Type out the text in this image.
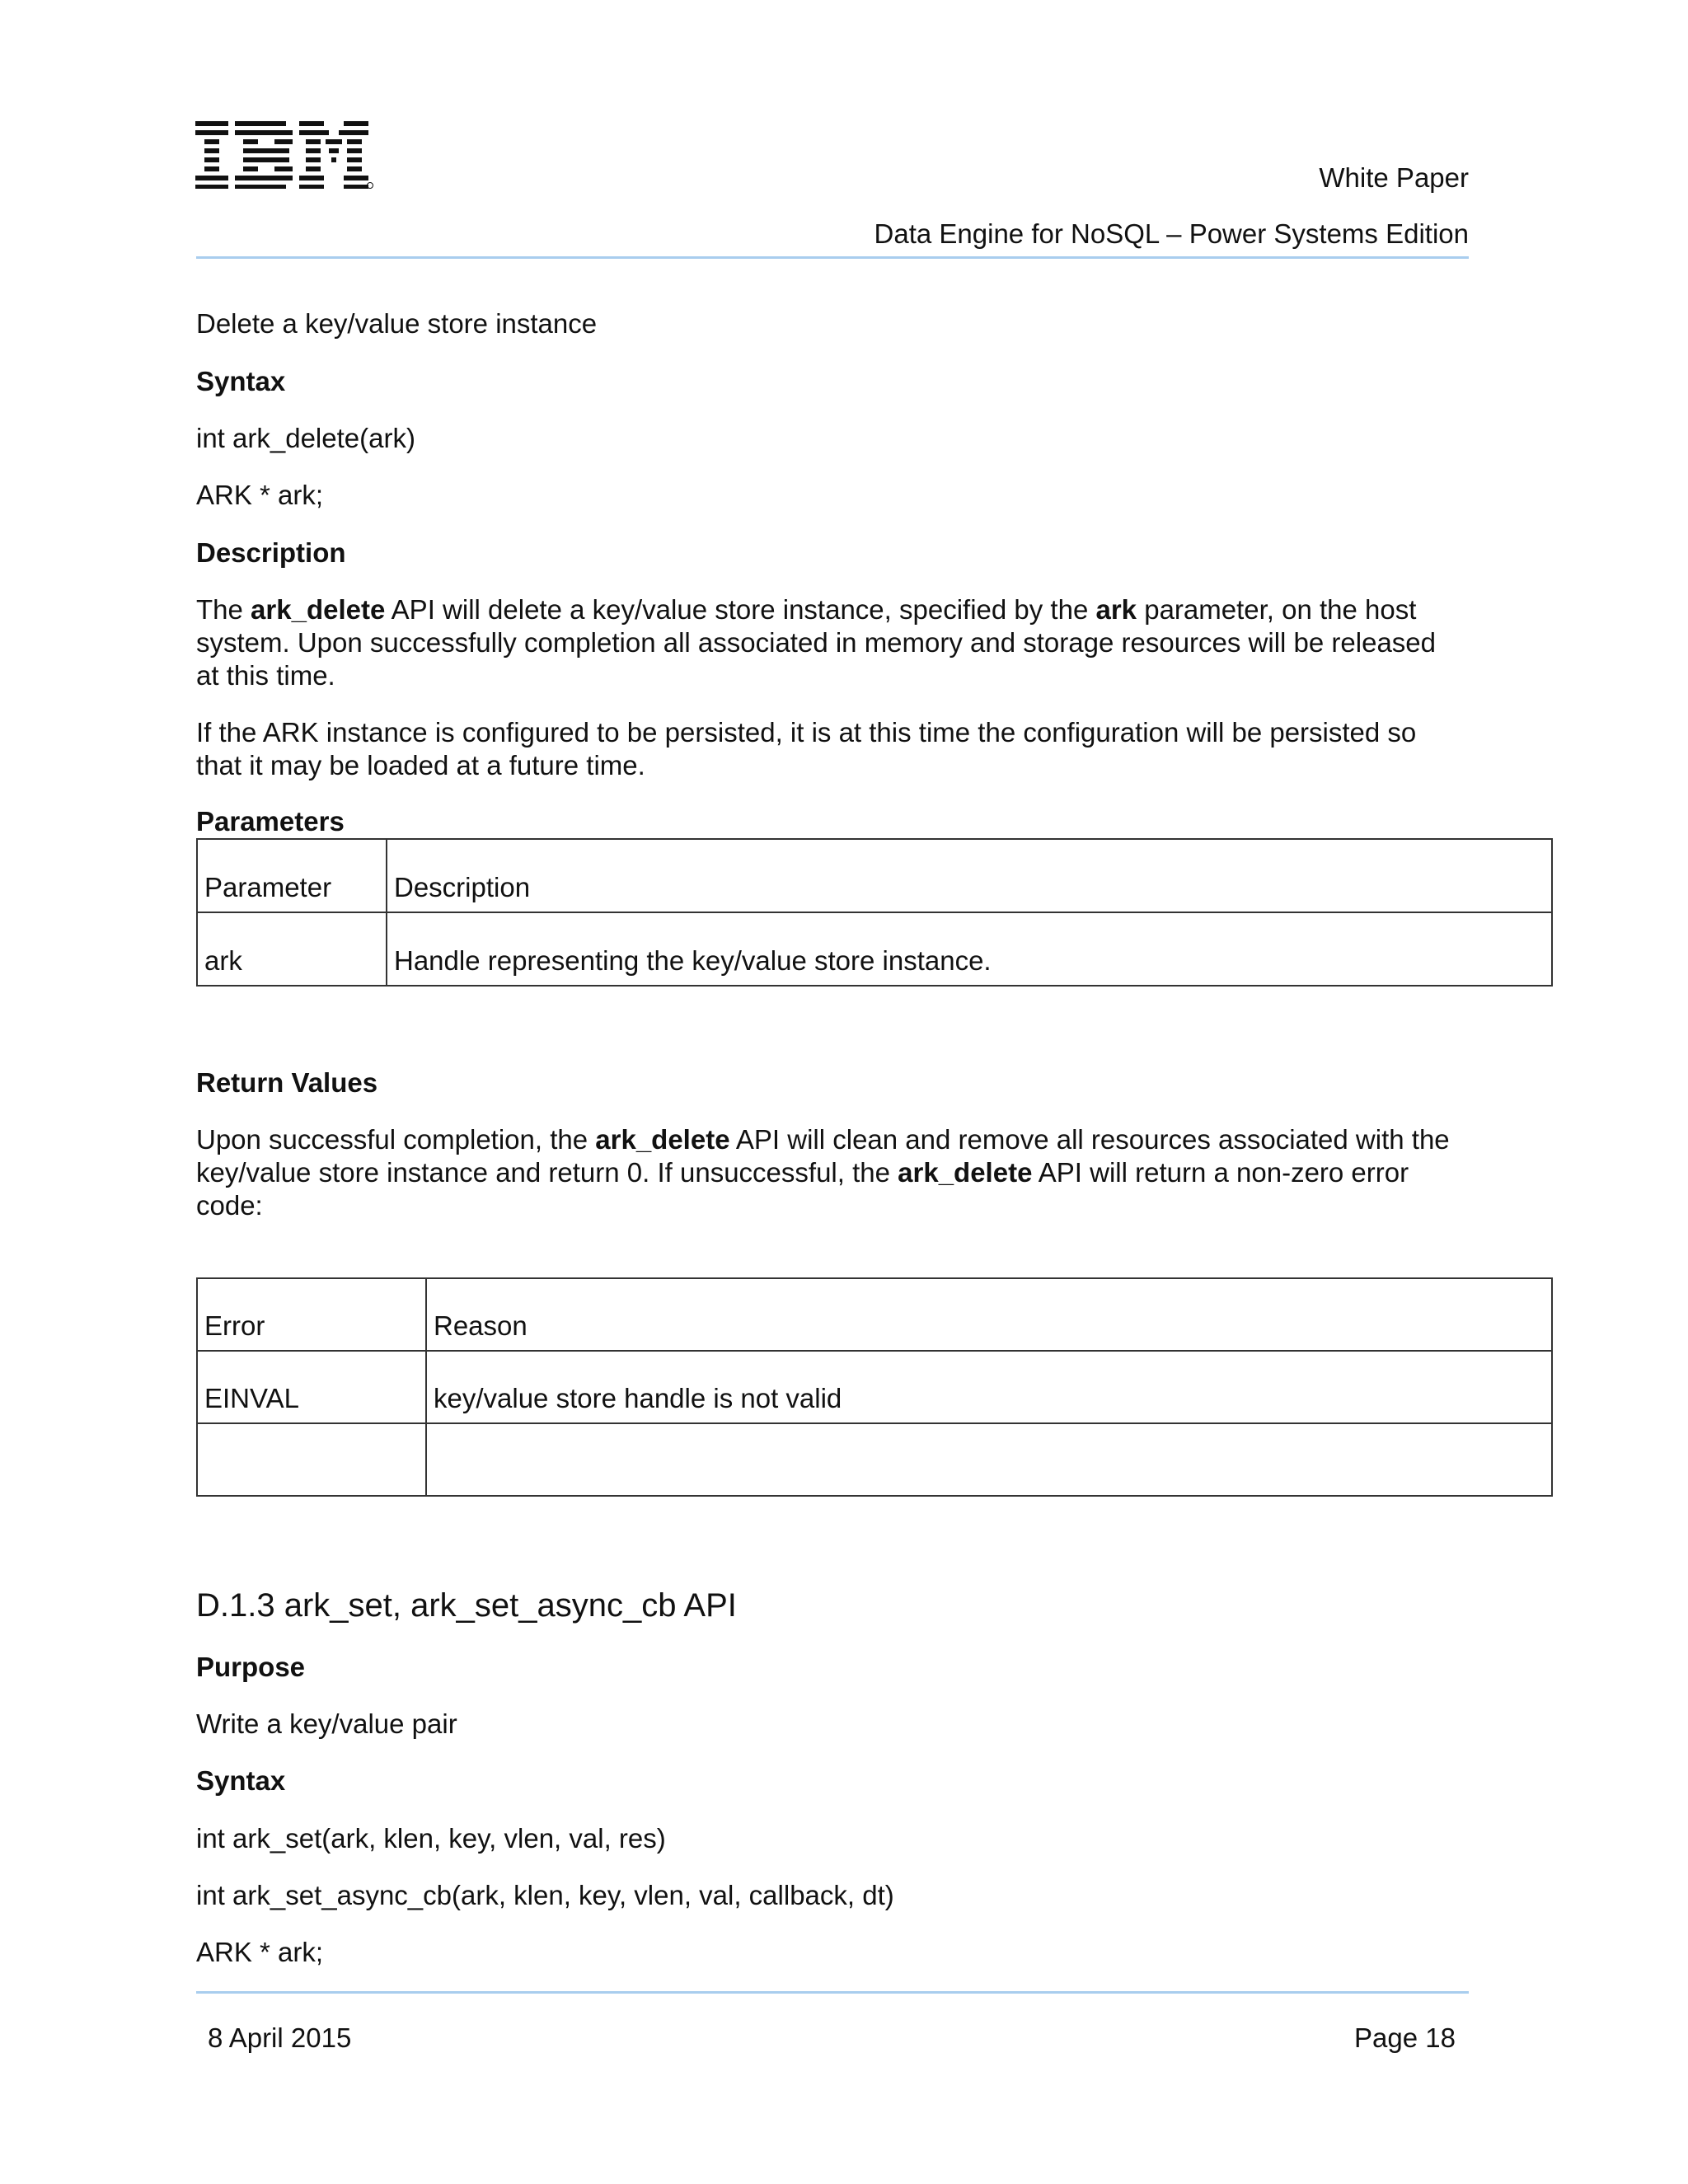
White Paper
Data Engine for NoSQL – Power Systems Edition
Delete a key/value store instance
Syntax
int ark_delete(ark)
ARK * ark;
Description
The ark_delete API will delete a key/value store instance, specified by the ark parameter, on the host
system. Upon successfully completion all associated in memory and storage resources will be released
at this time.
If the ARK instance is configured to be persisted, it is at this time the configuration will be persisted so
that it may be loaded at a future time.
Parameters
Parameter	Description

ark	Handle representing the key/value store instance.
Return Values
Upon successful completion, the ark_delete API will clean and remove all resources associated with the
key/value store instance and return 0. If unsuccessful, the ark_delete API will return a non-zero error
code:
Error	Reason

EINVAL	key/value store handle is not valid

D.1.3 ark_set, ark_set_async_cb API
Purpose
Write a key/value pair
Syntax
int ark_set(ark, klen, key, vlen, val, res)
int ark_set_async_cb(ark, klen, key, vlen, val, callback, dt)
ARK * ark;
8 April 2015	Page 18
